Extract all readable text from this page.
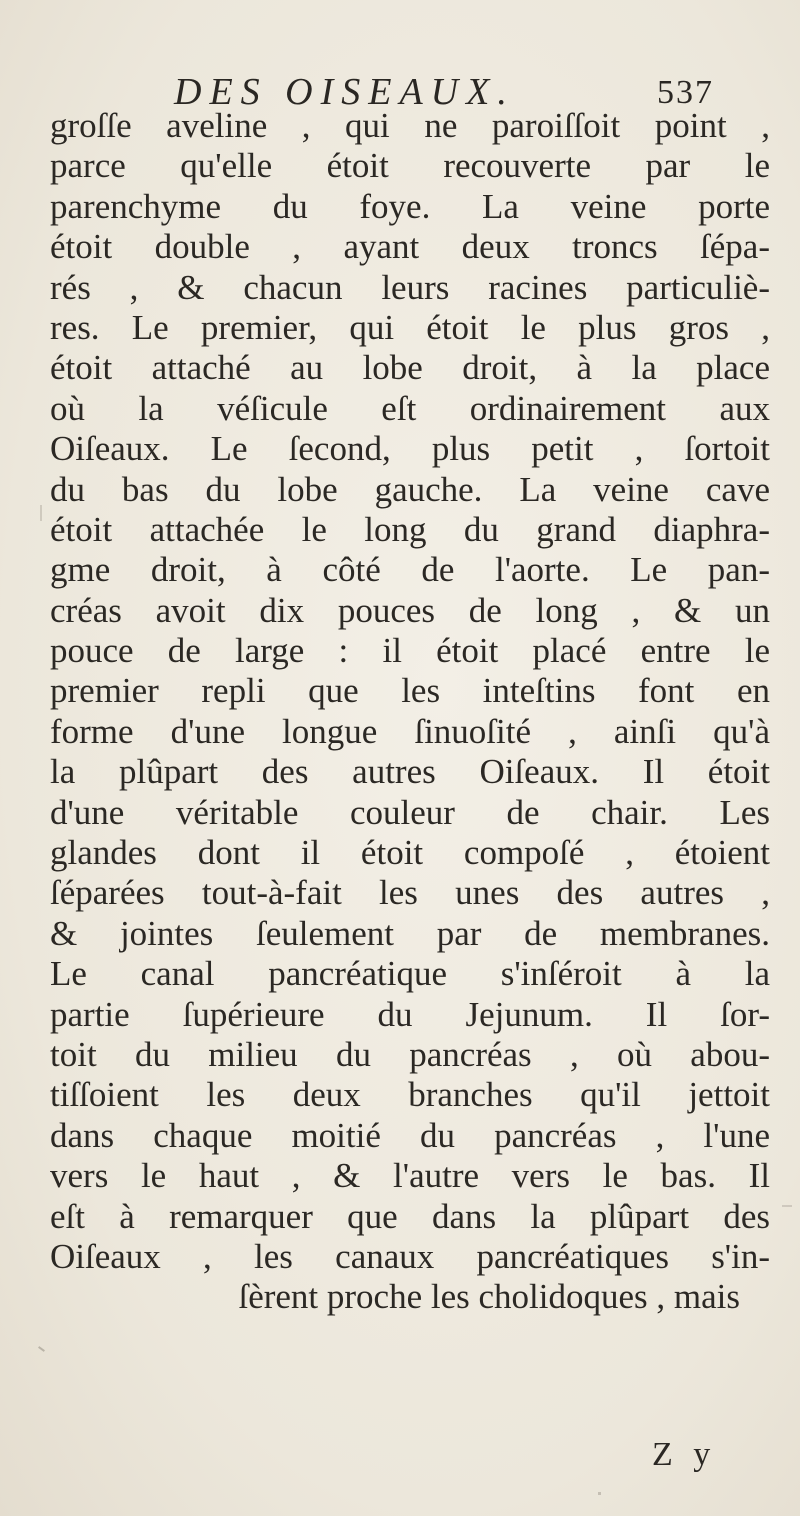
DES OISEAUX.	537
groſſe aveline , qui ne paroiſſoit point ,
parce qu'elle étoit recouverte par le
parenchyme du foye. La veine porte
étoit double , ayant deux troncs ſépa-
rés , & chacun leurs racines particuliè-
res. Le premier, qui étoit le plus gros ,
étoit attaché au lobe droit, à la place
où la véſicule eſt ordinairement aux
Oiſeaux. Le ſecond, plus petit , ſortoit
du bas du lobe gauche. La veine cave
étoit attachée le long du grand diaphra-
gme droit, à côté de l'aorte. Le pan-
créas avoit dix pouces de long , & un
pouce de large : il étoit placé entre le
premier repli que les inteſtins font en
forme d'une longue ſinuoſité , ainſi qu'à
la plûpart des autres Oiſeaux. Il étoit
d'une véritable couleur de chair. Les
glandes dont il étoit compoſé , étoient
ſéparées tout-à-fait les unes des autres ,
& jointes ſeulement par de membranes.
Le canal pancréatique s'inſéroit à la
partie ſupérieure du Jejunum. Il ſor-
toit du milieu du pancréas , où abou-
tiſſoient les deux branches qu'il jettoit
dans chaque moitié du pancréas , l'une
vers le haut , & l'autre vers le bas. Il
eſt à remarquer que dans la plûpart des
Oiſeaux , les canaux pancréatiques s'in-
ſèrent proche les cholidoques , mais
Z y
